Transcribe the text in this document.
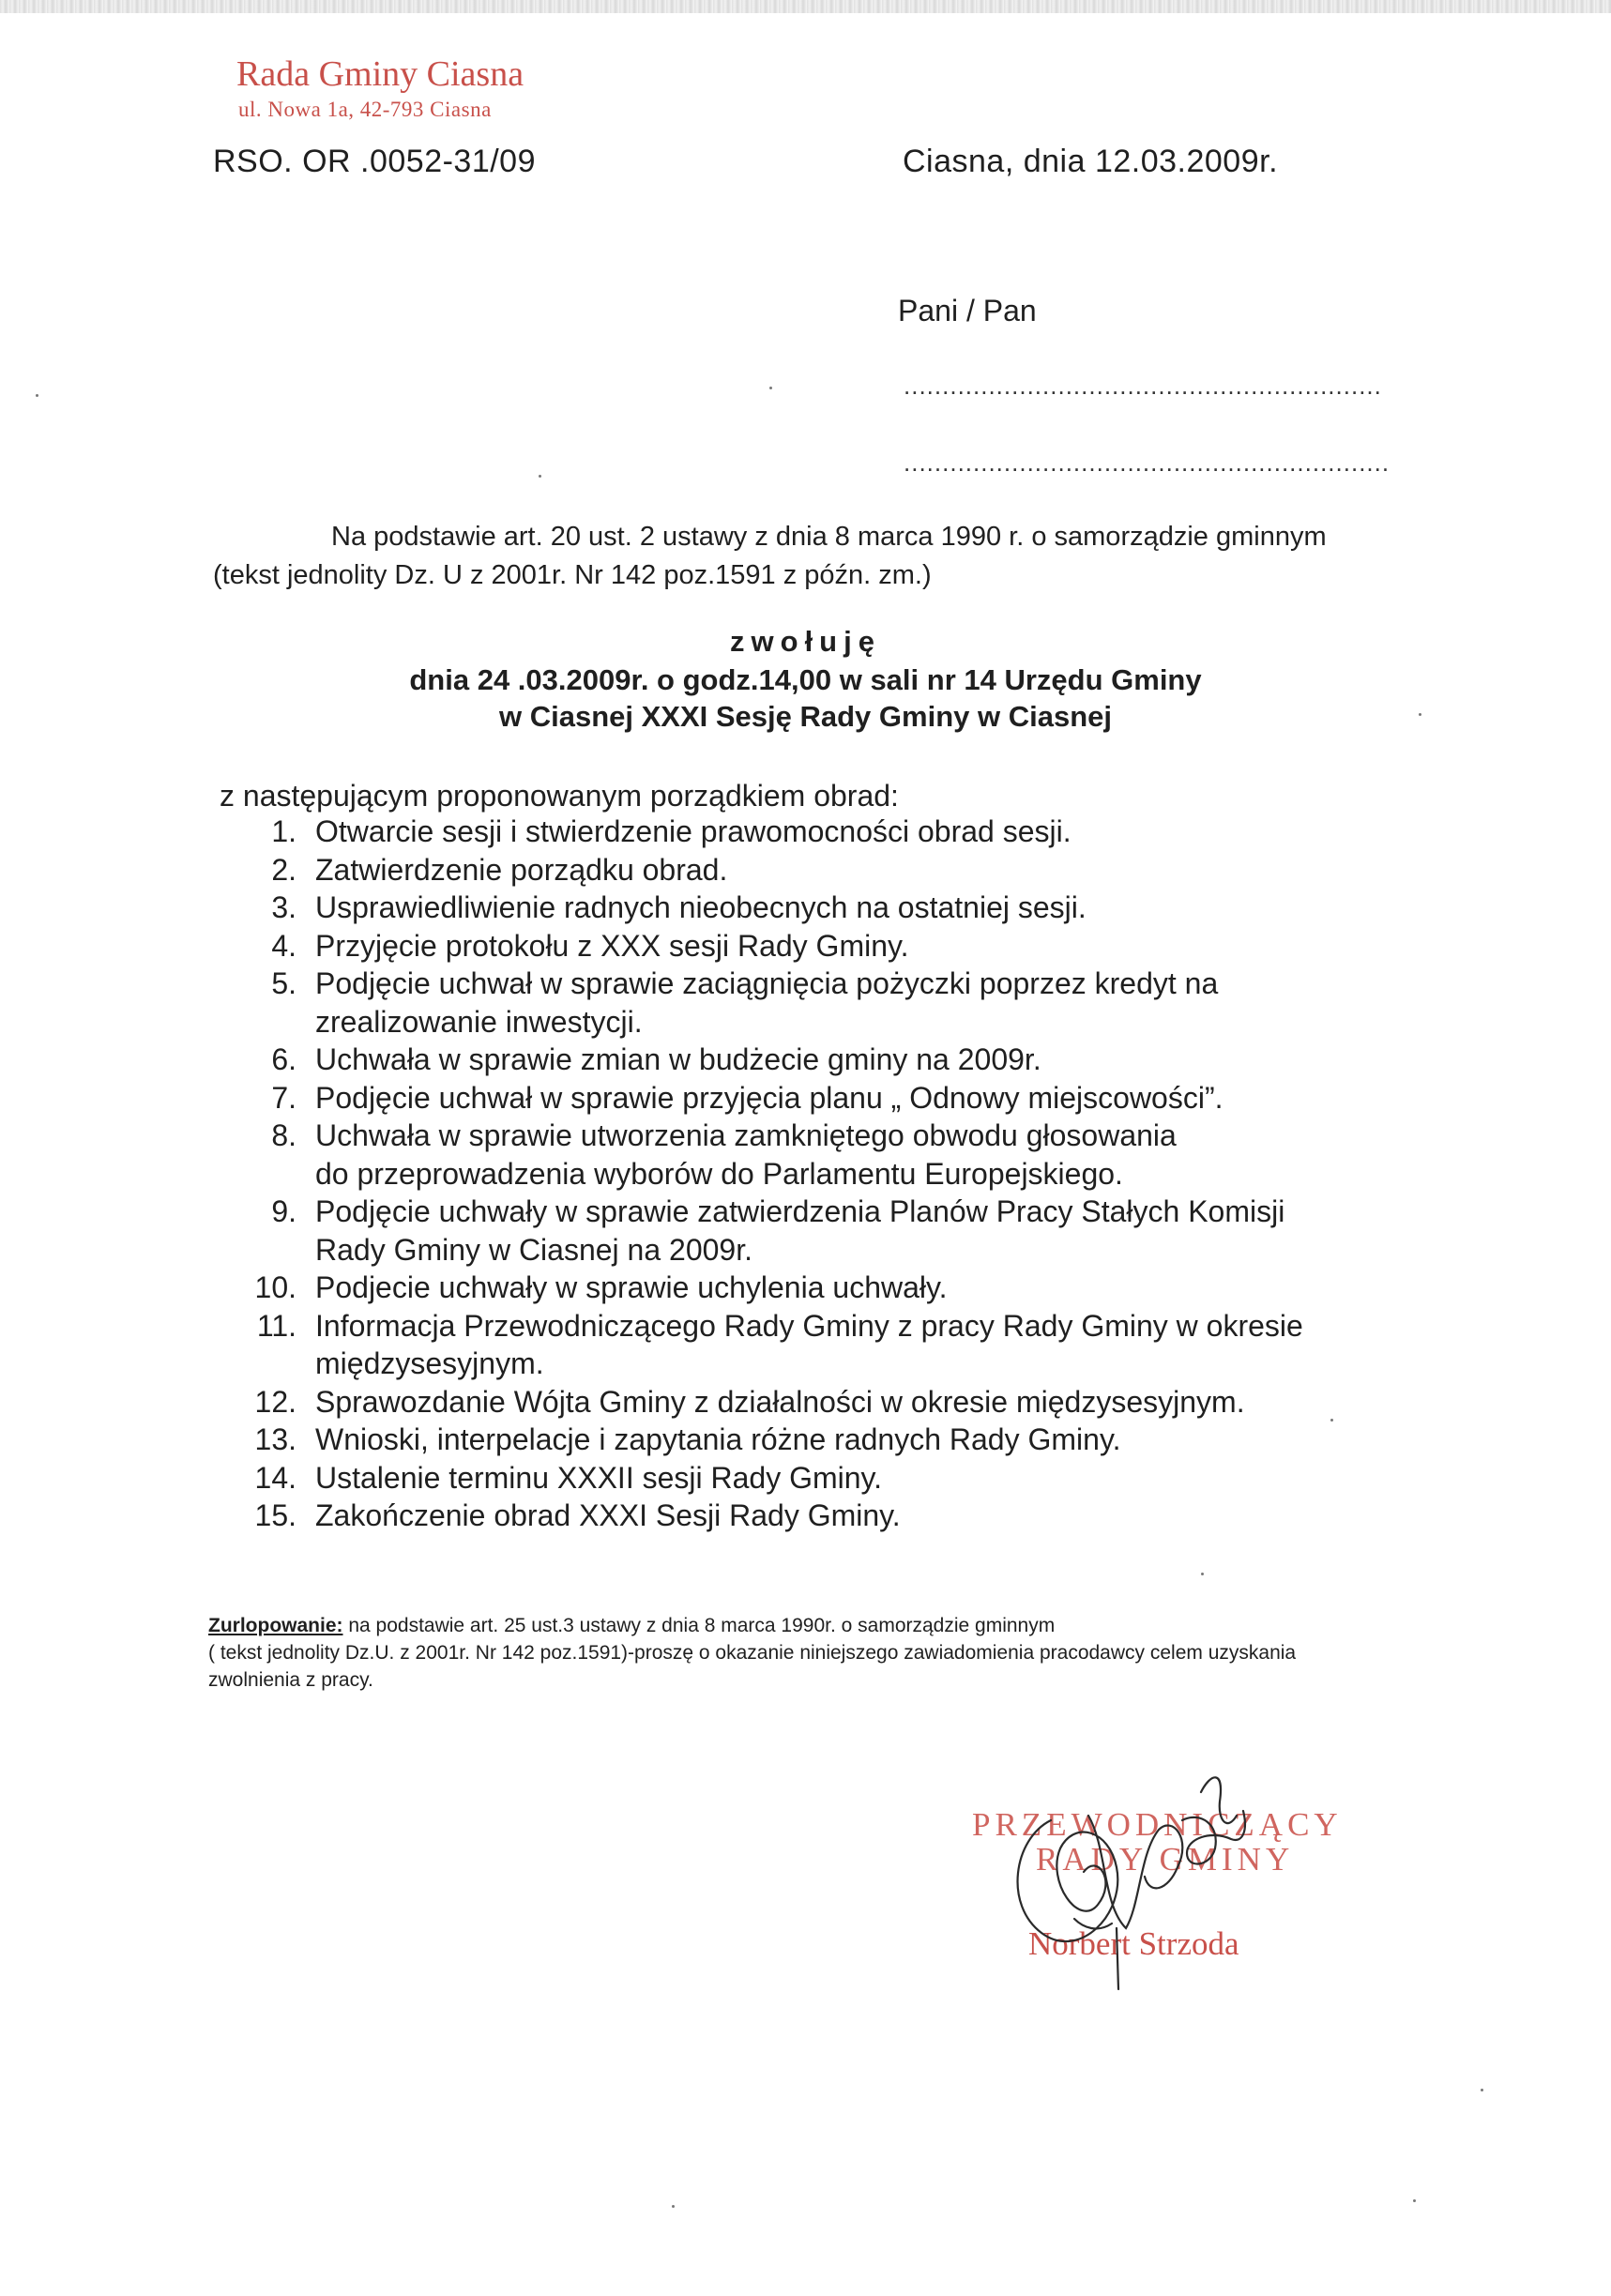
Rada Gminy Ciasna
ul. Nowa 1a, 42-793 Ciasna
RSO. OR .0052-31/09	Ciasna, dnia 12.03.2009r.
Pani / Pan
..............................................................
...............................................................
Na podstawie art. 20 ust. 2 ustawy z dnia 8 marca 1990 r. o samorządzie gminnym
(tekst jednolity Dz. U z 2001r. Nr 142 poz.1591 z późn. zm.)
zwołuję
dnia 24 .03.2009r. o godz.14,00 w sali nr 14 Urzędu Gminy
w Ciasnej XXXI Sesję Rady Gminy w Ciasnej
z następującym proponowanym porządkiem obrad:
1. Otwarcie sesji i stwierdzenie prawomocności obrad sesji.
2. Zatwierdzenie porządku obrad.
3. Usprawiedliwienie radnych nieobecnych na ostatniej sesji.
4. Przyjęcie protokołu z XXX sesji Rady Gminy.
5. Podjęcie uchwał w sprawie zaciągnięcia pożyczki poprzez kredyt na
zrealizowanie inwestycji.
6. Uchwała w sprawie zmian w budżecie gminy na 2009r.
7. Podjęcie uchwał w sprawie przyjęcia planu „ Odnowy miejscowości”.
8. Uchwała w sprawie utworzenia zamkniętego obwodu głosowania
do przeprowadzenia wyborów do Parlamentu Europejskiego.
9. Podjęcie uchwały w sprawie zatwierdzenia Planów Pracy Stałych Komisji
Rady Gminy w Ciasnej na 2009r.
10. Podjecie uchwały w sprawie uchylenia uchwały.
11. Informacja Przewodniczącego Rady Gminy z pracy Rady Gminy w okresie
międzysesyjnym.
12. Sprawozdanie Wójta Gminy z działalności w okresie międzysesyjnym.
13. Wnioski, interpelacje i zapytania różne radnych Rady Gminy.
14. Ustalenie terminu XXXII sesji Rady Gminy.
15. Zakończenie obrad XXXI Sesji Rady Gminy.
Zurlopowanie: na podstawie art. 25 ust.3 ustawy z dnia 8 marca 1990r. o samorządzie gminnym
( tekst jednolity Dz.U. z 2001r. Nr 142 poz.1591)-proszę o okazanie niniejszego zawiadomienia pracodawcy celem uzyskania
zwolnienia z pracy.
PRZEWODNICZĄCY
RADY GMINY
Norbert Strzoda
